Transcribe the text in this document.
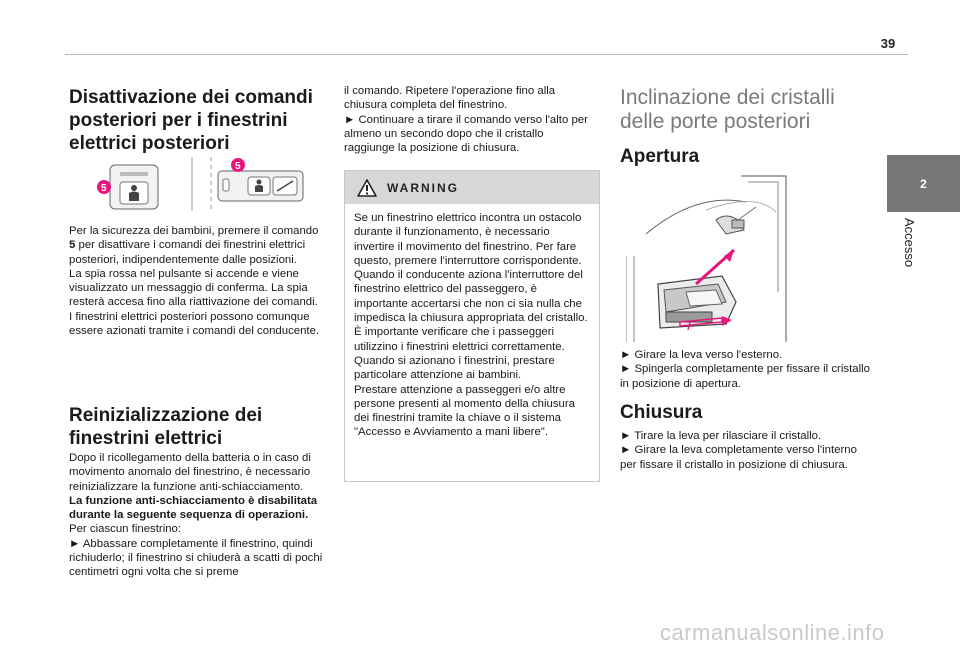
39
2
Accesso
Disattivazione dei comandi posteriori per i finestrini elettrici posteriori
5
5

Per la sicurezza dei bambini, premere il comando 5 per disattivare i comandi dei finestrini elettrici posteriori, indipendentemente dalle posizioni.

La spia rossa nel pulsante si accende e viene visualizzato un messaggio di conferma. La spia resterà accesa fino alla riattivazione dei comandi.

I finestrini elettrici posteriori possono comunque essere azionati tramite i comandi del conducente.

Reinizializzazione dei finestrini elettrici

Dopo il ricollegamento della batteria o in caso di movimento anomalo del finestrino, è necessario reinizializzare la funzione anti-schiacciamento.

La funzione anti-schiacciamento è disabilitata durante la seguente sequenza di operazioni.

Per ciascun finestrino:

► Abbassare completamente il finestrino, quindi richiuderlo; il finestrino si chiuderà a scatti di pochi centimetri ogni volta che si preme

il comando. Ripetere l'operazione fino alla chiusura completa del finestrino.

► Continuare a tirare il comando verso l'alto per almeno un secondo dopo che il cristallo raggiunge la posizione di chiusura.

WARNING

Se un finestrino elettrico incontra un ostacolo durante il funzionamento, è necessario invertire il movimento del finestrino. Per fare questo, premere l'interruttore corrispondente.

Quando il conducente aziona l'interruttore del finestrino elettrico del passeggero, è importante accertarsi che non ci sia nulla che impedisca la chiusura appropriata del cristallo.

È importante verificare che i passeggeri utilizzino i finestrini elettrici correttamente. Quando si azionano i finestrini, prestare particolare attenzione ai bambini.

Prestare attenzione a passeggeri e/o altre persone presenti al momento della chiusura dei finestrini tramite la chiave o il sistema "Accesso e Avviamento a mani libere".

Inclinazione dei cristalli delle porte posteriori
Apertura

► Girare la leva verso l'esterno.

► Spingerla completamente per fissare il cristallo in posizione di apertura.

Chiusura

► Tirare la leva per rilasciare il cristallo.

► Girare la leva completamente verso l'interno per fissare il cristallo in posizione di chiusura.

carmanualsonline.info
